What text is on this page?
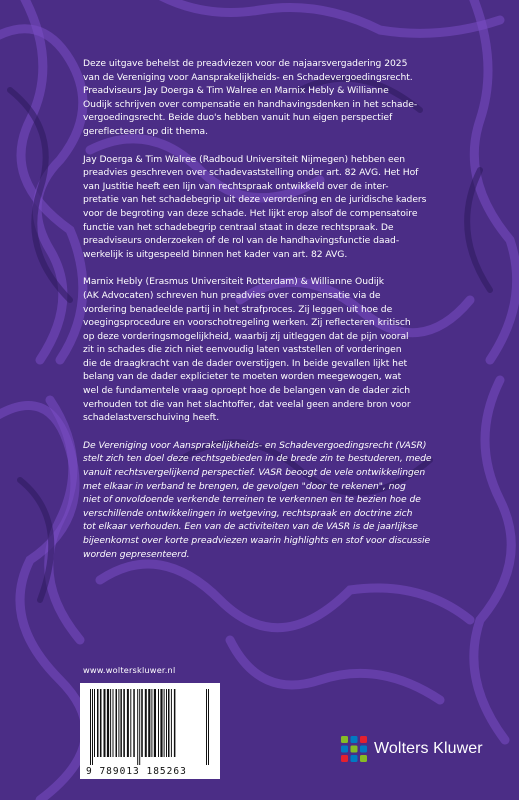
Deze uitgave behelst de preadviezen voor de najaarsvergadering 2025
van de Vereniging voor Aansprakelijkheids- en Schadevergoedingsrecht.
Preadviseurs Jay Doerga & Tim Walree en Marnix Hebly & Willianne
Oudijk schrijven over compensatie en handhavingsdenken in het schade-
vergoedingsrecht. Beide duo's hebben vanuit hun eigen perspectief
gereflecteerd op dit thema.

Jay Doerga & Tim Walree (Radboud Universiteit Nijmegen) hebben een
preadvies geschreven over schadevaststelling onder art. 82 AVG. Het Hof
van Justitie heeft een lijn van rechtspraak ontwikkeld over de inter-
pretatie van het schadebegrip uit deze verordening en de juridische kaders
voor de begroting van deze schade. Het lijkt erop alsof de compensatoire
functie van het schadebegrip centraal staat in deze rechtspraak. De
preadviseurs onderzoeken of de rol van de handhavingsfunctie daad-
werkelijk is uitgespeeld binnen het kader van art. 82 AVG.

Marnix Hebly (Erasmus Universiteit Rotterdam) & Willianne Oudijk
(AK Advocaten) schreven hun preadvies over compensatie via de
vordering benadeelde partij in het strafproces. Zij leggen uit hoe de
voegingsprocedure en voorschotregeling werken. Zij reflecteren kritisch
op deze vorderingsmogelijkheid, waarbij zij uitleggen dat de pijn vooral
zit in schades die zich niet eenvoudig laten vaststellen of vorderingen
die de draagkracht van de dader overstijgen. In beide gevallen lijkt het
belang van de dader explicieter te moeten worden meegewogen, wat
wel de fundamentele vraag oproept hoe de belangen van de dader zich
verhouden tot die van het slachtoffer, dat veelal geen andere bron voor
schadelastverschuiving heeft.

De Vereniging voor Aansprakelijkheids- en Schadevergoedingsrecht (VASR)
stelt zich ten doel deze rechtsgebieden in de brede zin te bestuderen, mede
vanuit rechtsvergelijkend perspectief. VASR beoogt de vele ontwikkelingen
met elkaar in verband te brengen, de gevolgen "door te rekenen", nog
niet of onvoldoende verkende terreinen te verkennen en te bezien hoe de
verschillende ontwikkelingen in wetgeving, rechtspraak en doctrine zich
tot elkaar verhouden. Een van de activiteiten van de VASR is de jaarlijkse
bijeenkomst over korte preadviezen waarin highlights en stof voor discussie
worden gepresenteerd.

www.wolterskluwer.nl
9 789013 185263
Wolters Kluwer
